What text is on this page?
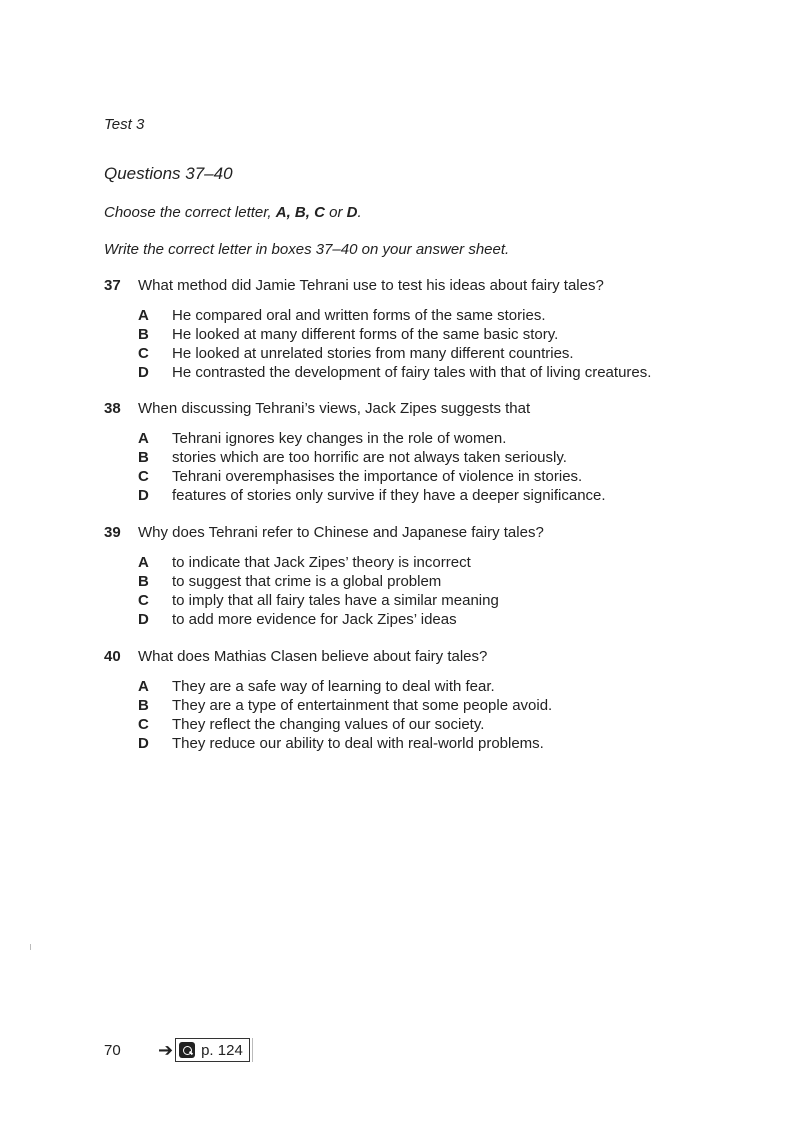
Test 3
Questions 37–40
Choose the correct letter, A, B, C or D.
Write the correct letter in boxes 37–40 on your answer sheet.
37	What method did Jamie Tehrani use to test his ideas about fairy tales?
A	He compared oral and written forms of the same stories.
B	He looked at many different forms of the same basic story.
C	He looked at unrelated stories from many different countries.
D	He contrasted the development of fairy tales with that of living creatures.
38	When discussing Tehrani’s views, Jack Zipes suggests that
A	Tehrani ignores key changes in the role of women.
B	stories which are too horrific are not always taken seriously.
C	Tehrani overemphasises the importance of violence in stories.
D	features of stories only survive if they have a deeper significance.
39	Why does Tehrani refer to Chinese and Japanese fairy tales?
A	to indicate that Jack Zipes’ theory is incorrect
B	to suggest that crime is a global problem
C	to imply that all fairy tales have a similar meaning
D	to add more evidence for Jack Zipes’ ideas
40	What does Mathias Clasen believe about fairy tales?
A	They are a safe way of learning to deal with fear.
B	They are a type of entertainment that some people avoid.
C	They reflect the changing values of our society.
D	They reduce our ability to deal with real-world problems.
70	➔ p. 124
